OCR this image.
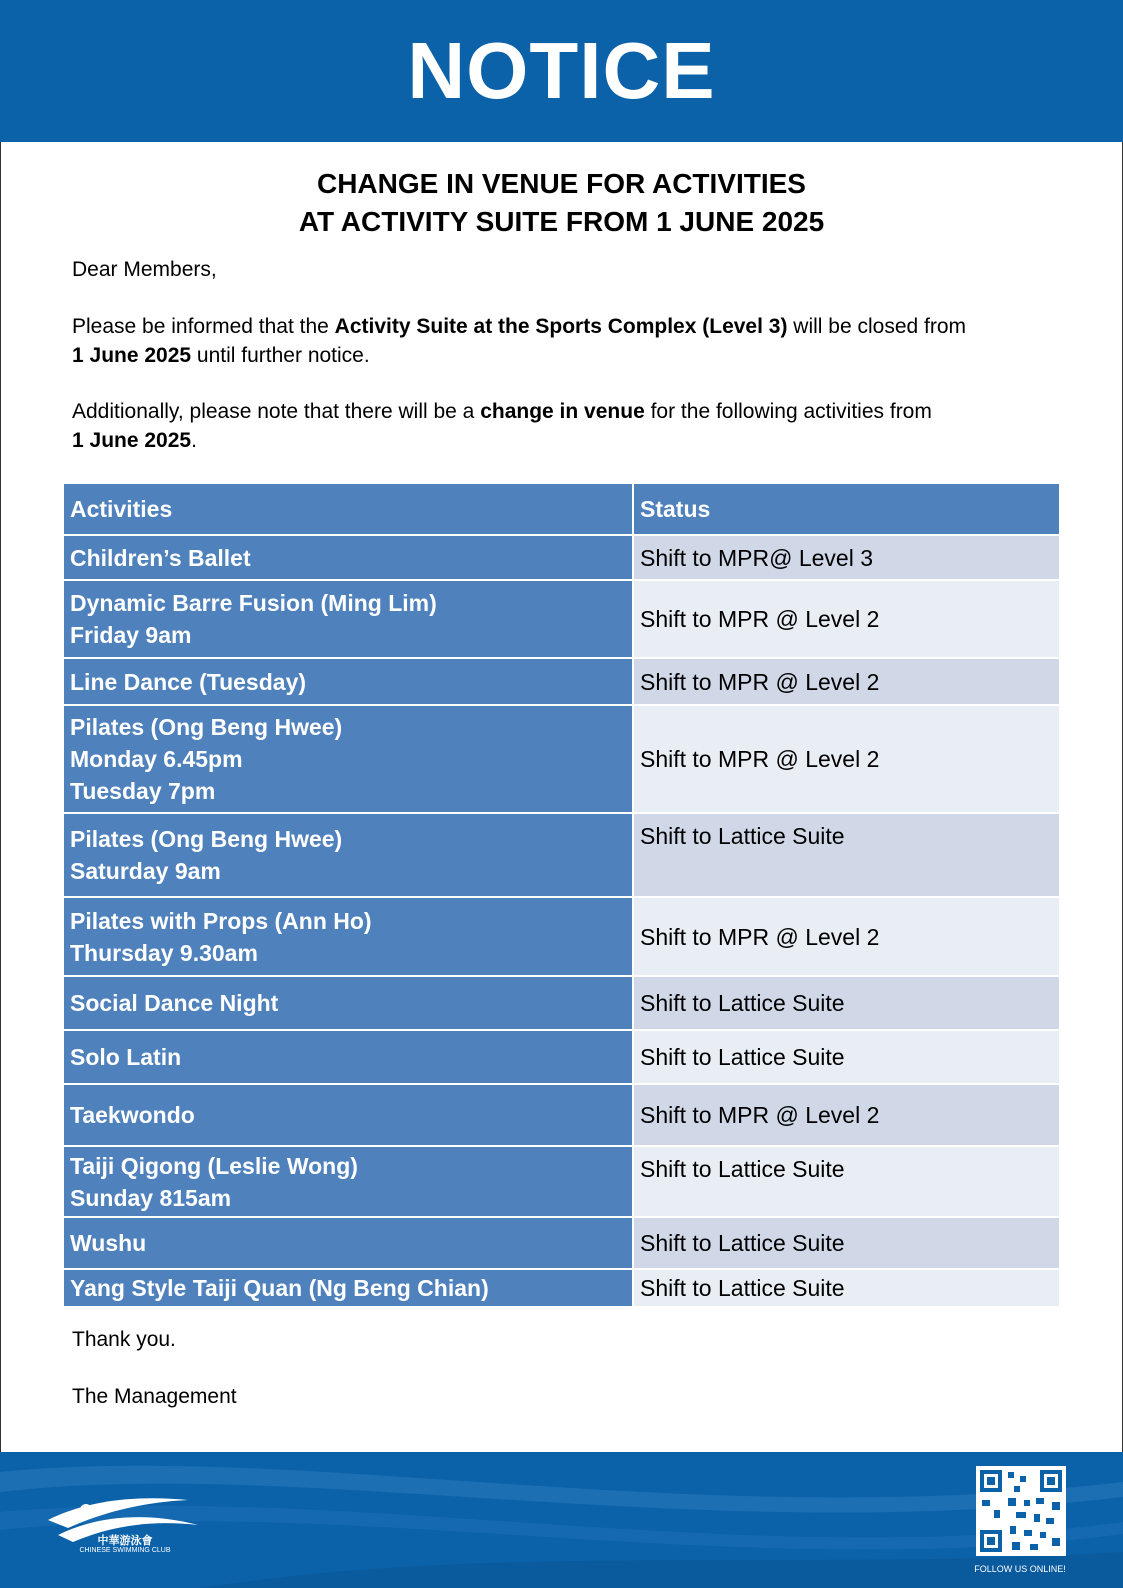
NOTICE
CHANGE IN VENUE FOR ACTIVITIES
AT ACTIVITY SUITE FROM 1 JUNE 2025
Dear Members,
Please be informed that the Activity Suite at the Sports Complex (Level 3) will be closed from
1 June 2025 until further notice.
Additionally, please note that there will be a change in venue for the following activities from
1 June 2025.
Activities	Status

Children’s Ballet	Shift to MPR@ Level 3

Dynamic Barre Fusion (Ming Lim)
Friday 9am	Shift to MPR @ Level 2

Line Dance (Tuesday)	Shift to MPR @ Level 2

Pilates (Ong Beng Hwee)
Monday 6.45pm
Tuesday 7pm	Shift to MPR @ Level 2

Pilates (Ong Beng Hwee)
Saturday 9am	Shift to Lattice Suite

Pilates with Props (Ann Ho)
Thursday 9.30am	Shift to MPR @ Level 2

Social Dance Night	Shift to Lattice Suite

Solo Latin	Shift to Lattice Suite

Taekwondo	Shift to MPR @ Level 2

Taiji Qigong (Leslie Wong)
Sunday 815am	Shift to Lattice Suite

Wushu	Shift to Lattice Suite

Yang Style Taiji Quan (Ng Beng Chian)	Shift to Lattice Suite
Thank you.
The Management
中華游泳會
CHINESE SWIMMING CLUB
FOLLOW US ONLINE!
